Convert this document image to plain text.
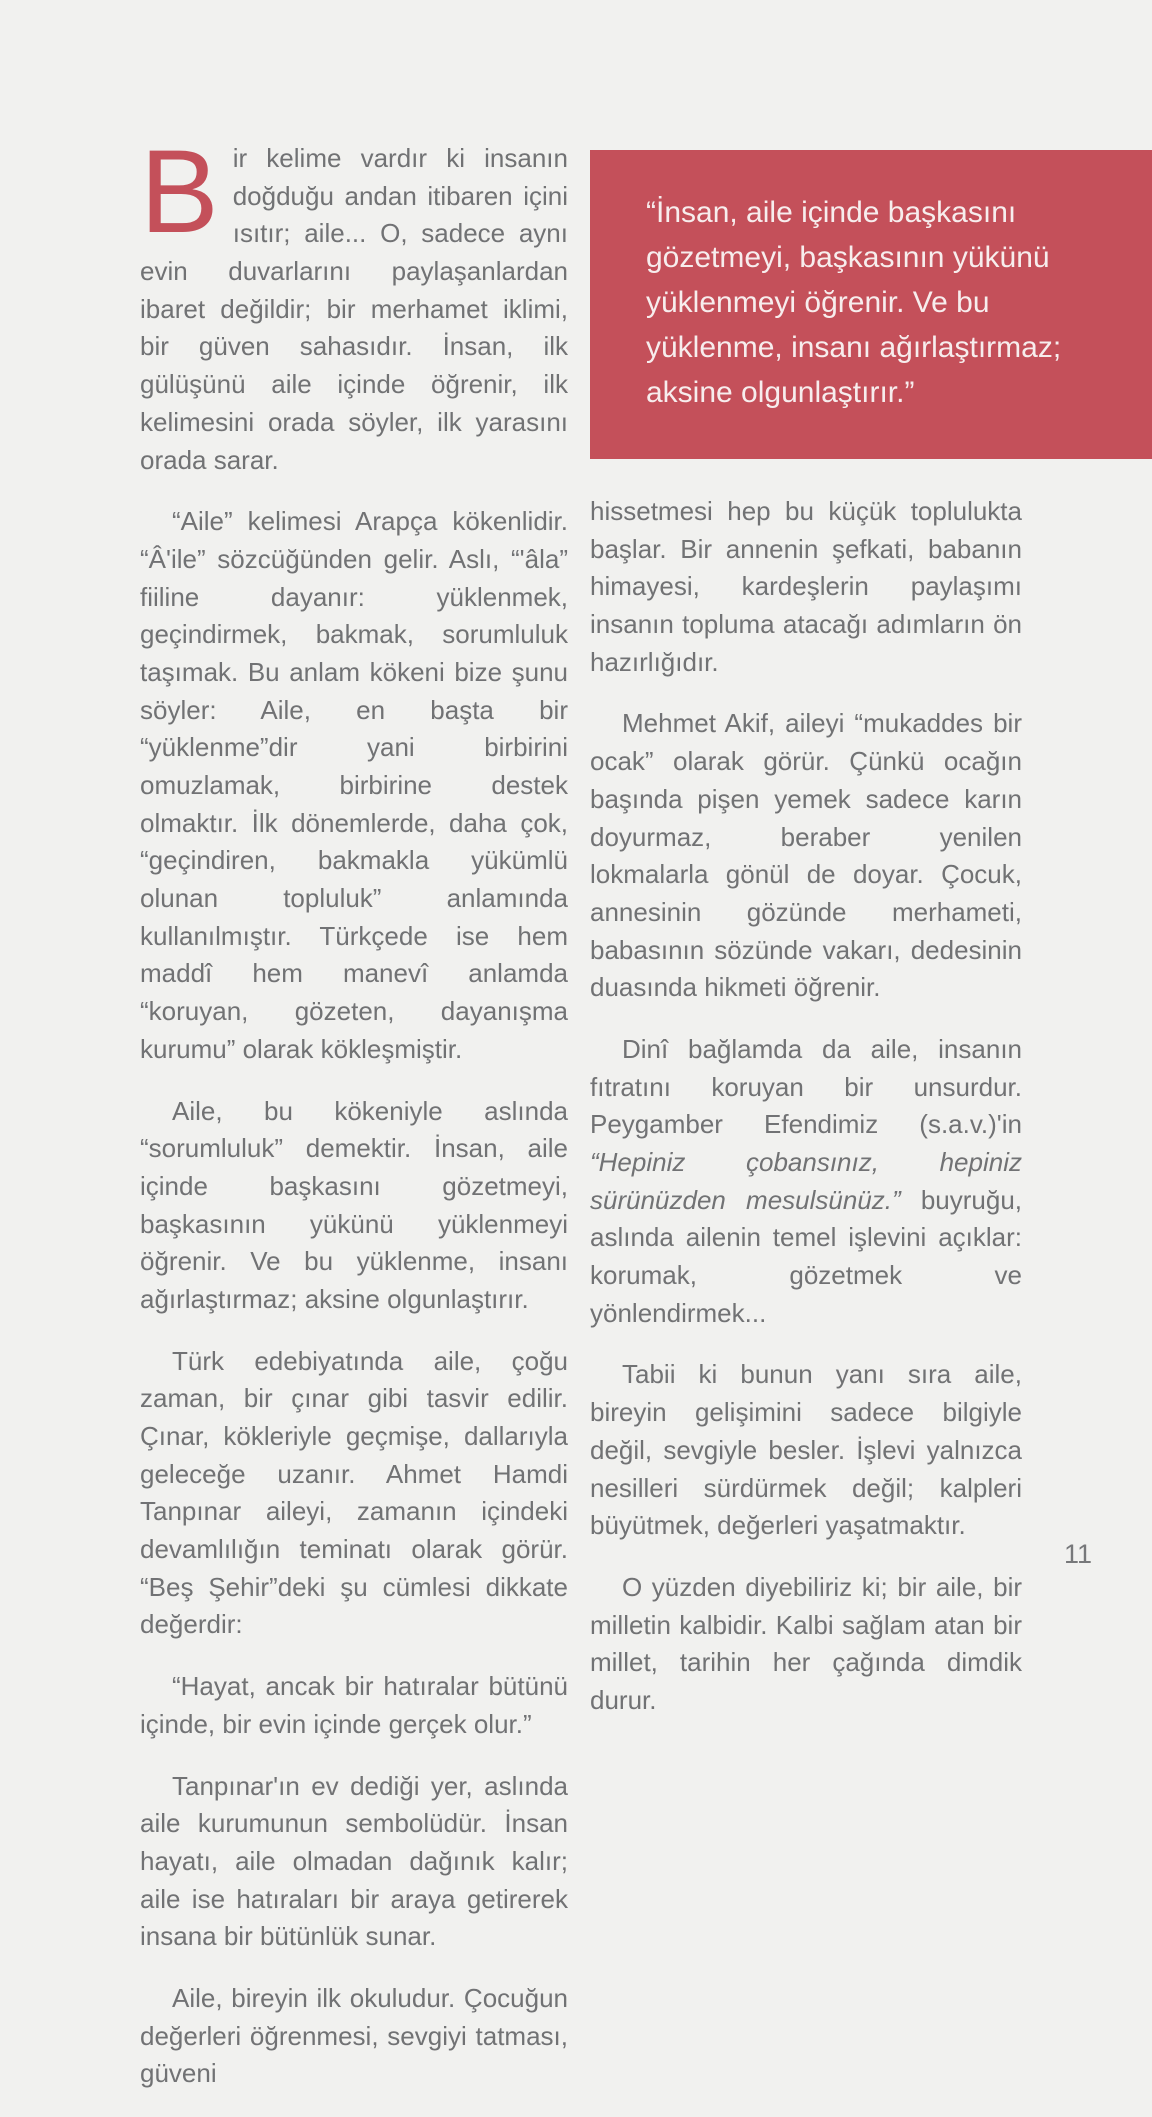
Bir kelime vardır ki insanın doğduğu andan itibaren içini ısıtır; aile... O, sadece aynı evin duvarlarını paylaşanlardan ibaret değildir; bir merhamet iklimi, bir güven sahasıdır. İnsan, ilk gülüşünü aile içinde öğrenir, ilk kelimesini orada söyler, ilk yarasını orada sarar.

“Aile” kelimesi Arapça kökenlidir. “Â'ile” sözcüğünden gelir. Aslı, “'âla” fiiline dayanır: yüklenmek, geçindirmek, bakmak, sorumluluk taşımak. Bu anlam kökeni bize şunu söyler: Aile, en başta bir “yüklenme”dir yani birbirini omuzlamak, birbirine destek olmaktır. İlk dönemlerde, daha çok, “geçindiren, bakmakla yükümlü olunan topluluk” anlamında kullanılmıştır. Türkçede ise hem maddî hem manevî anlamda “koruyan, gözeten, dayanışma kurumu” olarak kökleşmiştir.

Aile, bu kökeniyle aslında “sorumluluk” demektir. İnsan, aile içinde başkasını gözetmeyi, başkasının yükünü yüklenmeyi öğrenir. Ve bu yüklenme, insanı ağırlaştırmaz; aksine olgunlaştırır.

Türk edebiyatında aile, çoğu zaman, bir çınar gibi tasvir edilir. Çınar, kökleriyle geçmişe, dallarıyla geleceğe uzanır. Ahmet Hamdi Tanpınar aileyi, zamanın içindeki devamlılığın teminatı olarak görür. “Beş Şehir”deki şu cümlesi dikkate değerdir:

“Hayat, ancak bir hatıralar bütünü içinde, bir evin içinde gerçek olur.”

Tanpınar'ın ev dediği yer, aslında aile kurumunun sembolüdür. İnsan hayatı, aile olmadan dağınık kalır; aile ise hatıraları bir araya getirerek insana bir bütünlük sunar.

Aile, bireyin ilk okuludur. Çocuğun değerleri öğrenmesi, sevgiyi tatması, güveni

“İnsan, aile içinde başkasını gözetmeyi, başkasının yükünü yüklenmeyi öğrenir. Ve bu yüklenme, insanı ağırlaştırmaz; aksine olgunlaştırır.”

hissetmesi hep bu küçük toplulukta başlar. Bir annenin şefkati, babanın himayesi, kardeşlerin paylaşımı insanın topluma atacağı adımların ön hazırlığıdır.

Mehmet Akif, aileyi “mukaddes bir ocak” olarak görür. Çünkü ocağın başında pişen yemek sadece karın doyurmaz, beraber yenilen lokmalarla gönül de doyar. Çocuk, annesinin gözünde merhameti, babasının sözünde vakarı, dedesinin duasında hikmeti öğrenir.

Dinî bağlamda da aile, insanın fıtratını koruyan bir unsurdur. Peygamber Efendimiz (s.a.v.)'in “Hepiniz çobansınız, hepiniz sürünüzden mesulsünüz.” buyruğu, aslında ailenin temel işlevini açıklar: korumak, gözetmek ve yönlendirmek...

Tabii ki bunun yanı sıra aile, bireyin gelişimini sadece bilgiyle değil, sevgiyle besler. İşlevi yalnızca nesilleri sürdürmek değil; kalpleri büyütmek, değerleri yaşatmaktır.

O yüzden diyebiliriz ki; bir aile, bir milletin kalbidir. Kalbi sağlam atan bir millet, tarihin her çağında dimdik durur.

11
